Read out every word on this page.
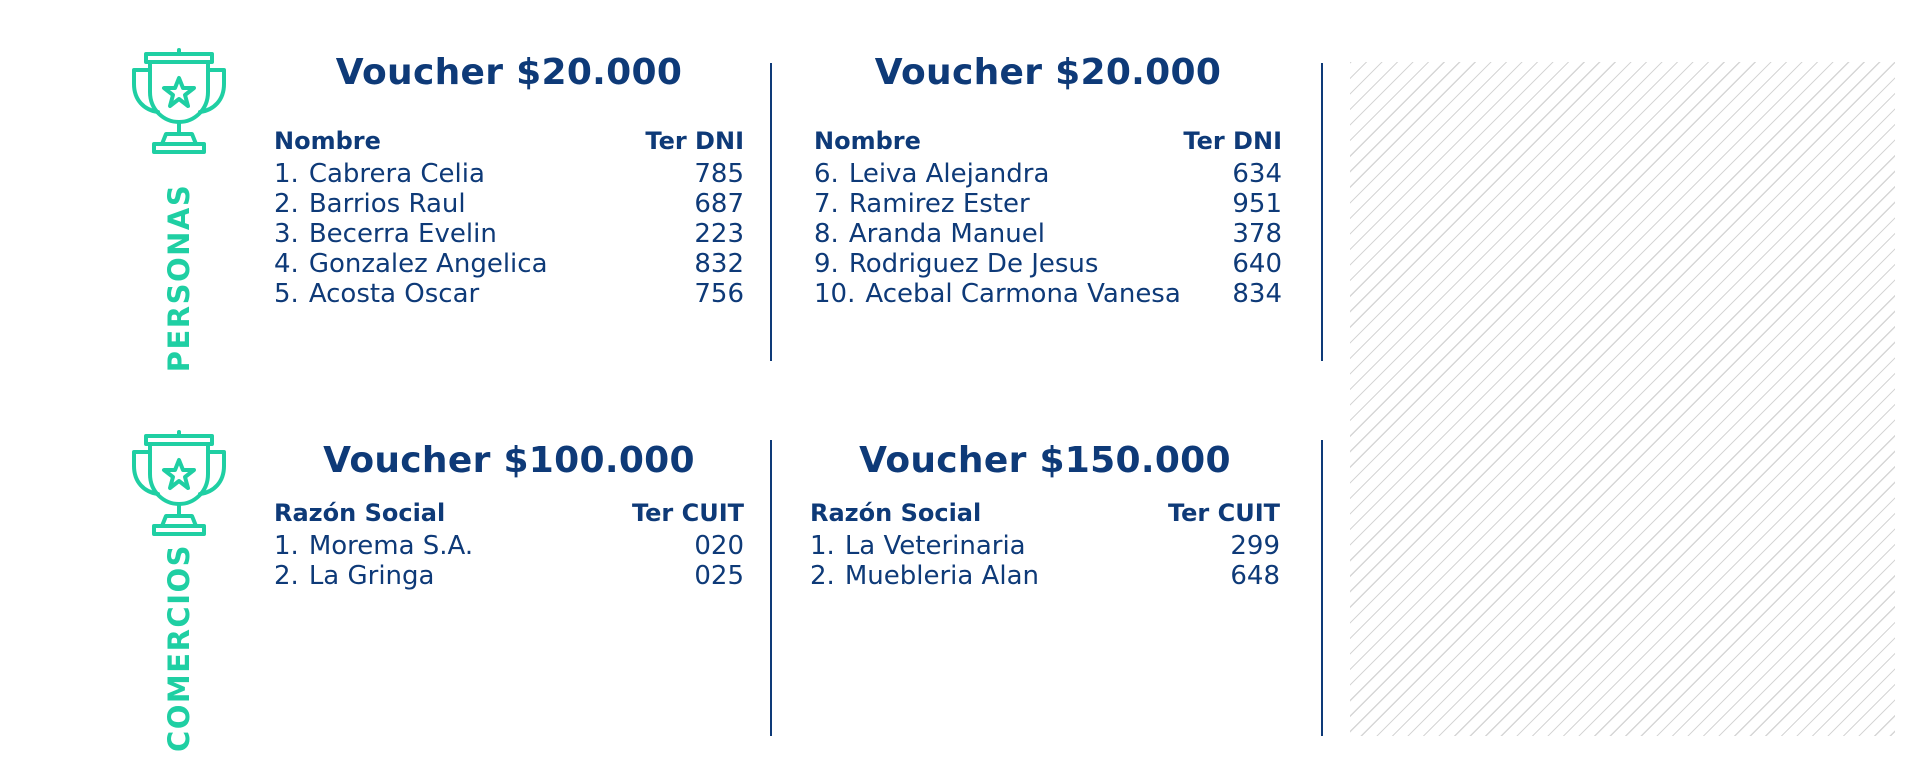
PERSONAS
Voucher $20.000
Nombre	Ter DNI
1. Cabrera Celia	785
2. Barrios Raul	687
3. Becerra Evelin	223
4. Gonzalez Angelica	832
5. Acosta Oscar	756
Voucher $20.000
Nombre	Ter DNI
6. Leiva Alejandra	634
7. Ramirez Ester	951
8. Aranda Manuel	378
9. Rodriguez De Jesus	640
10. Acebal Carmona Vanesa 834
COMERCIOS
Voucher $100.000
Razón Social	Ter CUIT
1. Morema S.A.	020
2. La Gringa	025
Voucher $150.000
Razón Social	Ter CUIT
1. La Veterinaria	299
2. Muebleria Alan	648
